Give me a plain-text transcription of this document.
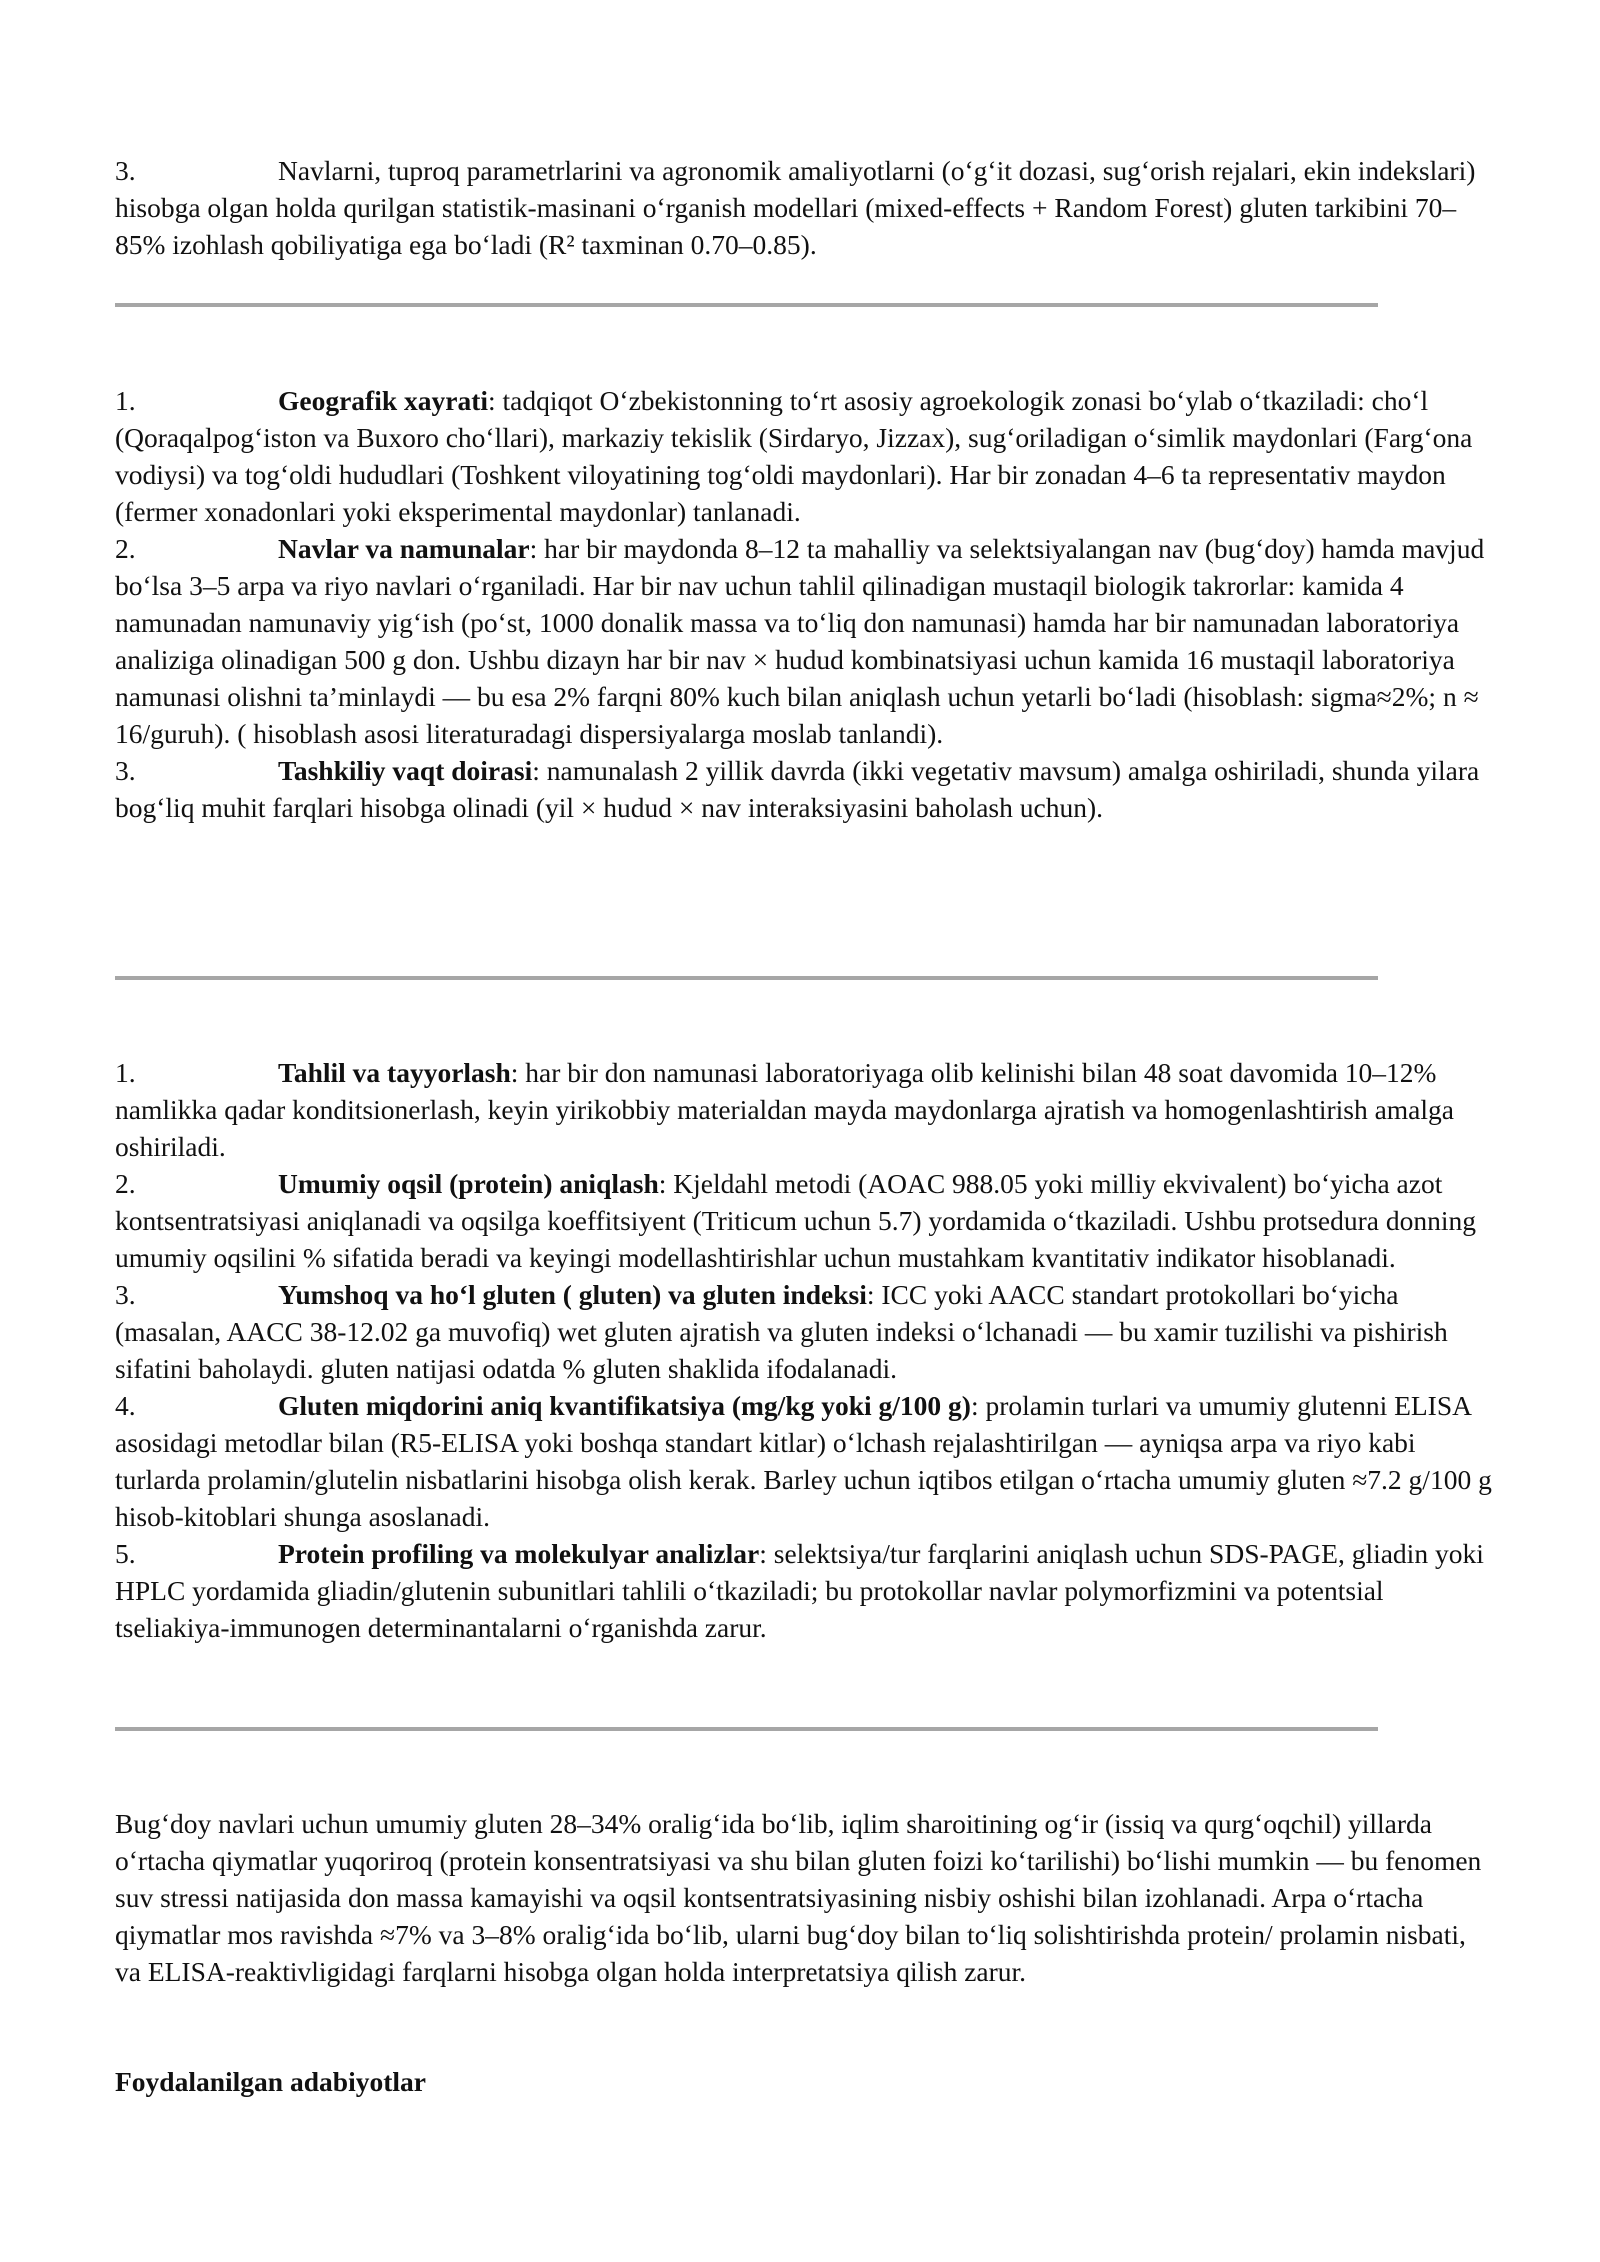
3.	Navlarni, tuproq parametrlarini va agronomik amaliyotlarni (o‘g‘it dozasi, sug‘orish rejalari, ekin indekslari) hisobga olgan holda qurilgan statistik-masinani o‘rganish modellari (mixed-effects + Random Forest) gluten tarkibini 70–85% izohlash qobiliyatiga ega bo‘ladi (R² taxminan 0.70–0.85).

1.	Geografik xayrati: tadqiqot O‘zbekistonning to‘rt asosiy agroekologik zonasi bo‘ylab o‘tkaziladi: cho‘l (Qoraqalpog‘iston va Buxoro cho‘llari), markaziy tekislik (Sirdaryo, Jizzax), sug‘oriladigan o‘simlik maydonlari (Farg‘ona vodiysi) va tog‘oldi hududlari (Toshkent viloyatining tog‘oldi maydonlari). Har bir zonadan 4–6 ta representativ maydon (fermer xonadonlari yoki eksperimental maydonlar) tanlanadi.

2.	Navlar va namunalar: har bir maydonda 8–12 ta mahalliy va selektsiyalangan nav (bug‘doy) hamda mavjud bo‘lsa 3–5 arpa va riyo navlari o‘rganiladi. Har bir nav uchun tahlil qilinadigan mustaqil biologik takrorlar: kamida 4 namunadan namunaviy yig‘ish (po‘st, 1000 donalik massa va to‘liq don namunasi) hamda har bir namunadan laboratoriya analiziga olinadigan 500 g don. Ushbu dizayn har bir nav × hudud kombinatsiyasi uchun kamida 16 mustaqil laboratoriya namunasi olishni ta’minlaydi — bu esa 2% farqni 80% kuch bilan aniqlash uchun yetarli bo‘ladi (hisoblash: sigma≈2%; n ≈ 16/guruh). ( hisoblash asosi literaturadagi dispersiyalarga moslab tanlandi).

3.	Tashkiliy vaqt doirasi: namunalash 2 yillik davrda (ikki vegetativ mavsum) amalga oshiriladi, shunda yilara bog‘liq muhit farqlari hisobga olinadi (yil × hudud × nav interaksiyasini baholash uchun).

1.	Tahlil va tayyorlash: har bir don namunasi laboratoriyaga olib kelinishi bilan 48 soat davomida 10–12% namlikka qadar konditsionerlash, keyin yirikobbiy materialdan mayda maydonlarga ajratish va homogenlashtirish amalga oshiriladi.

2.	Umumiy oqsil (protein) aniqlash: Kjeldahl metodi (AOAC 988.05 yoki milliy ekvivalent) bo‘yicha azot kontsentratsiyasi aniqlanadi va oqsilga koeffitsiyent (Triticum uchun 5.7) yordamida o‘tkaziladi. Ushbu protsedura donning umumiy oqsilini % sifatida beradi va keyingi modellashtirishlar uchun mustahkam kvantitativ indikator hisoblanadi.

3.	Yumshoq va ho‘l gluten ( gluten) va gluten indeksi: ICC yoki AACC standart protokollari bo‘yicha (masalan, AACC 38-12.02 ga muvofiq) wet gluten ajratish va gluten indeksi o‘lchanadi — bu xamir tuzilishi va pishirish sifatini baholaydi. gluten natijasi odatda % gluten shaklida ifodalanadi.

4.	Gluten miqdorini aniq kvantifikatsiya (mg/kg yoki g/100 g): prolamin turlari va umumiy glutenni ELISA asosidagi metodlar bilan (R5-ELISA yoki boshqa standart kitlar) o‘lchash rejalashtirilgan — ayniqsa arpa va riyo kabi turlarda prolamin/glutelin nisbatlarini hisobga olish kerak. Barley uchun iqtibos etilgan o‘rtacha umumiy gluten ≈7.2 g/100 g hisob-kitoblari shunga asoslanadi.

5.	Protein profiling va molekulyar analizlar: selektsiya/tur farqlarini aniqlash uchun SDS-PAGE, gliadin yoki HPLC yordamida gliadin/glutenin subunitlari tahlili o‘tkaziladi; bu protokollar navlar polymorfizmini va potentsial tseliakiya-immunogen determinantalarni o‘rganishda zarur.

Bug‘doy navlari uchun umumiy gluten 28–34% oralig‘ida bo‘lib, iqlim sharoitining og‘ir (issiq va qurg‘oqchil) yillarda o‘rtacha qiymatlar yuqoriroq (protein konsentratsiyasi va shu bilan gluten foizi ko‘tarilishi) bo‘lishi mumkin — bu fenomen suv stressi natijasida don massa kamayishi va oqsil kontsentratsiyasining nisbiy oshishi bilan izohlanadi. Arpa o‘rtacha qiymatlar mos ravishda ≈7% va 3–8% oralig‘ida bo‘lib, ularni bug‘doy bilan to‘liq solishtirishda protein/ prolamin nisbati, va ELISA-reaktivligidagi farqlarni hisobga olgan holda interpretatsiya qilish zarur.

Foydalanilgan adabiyotlar
